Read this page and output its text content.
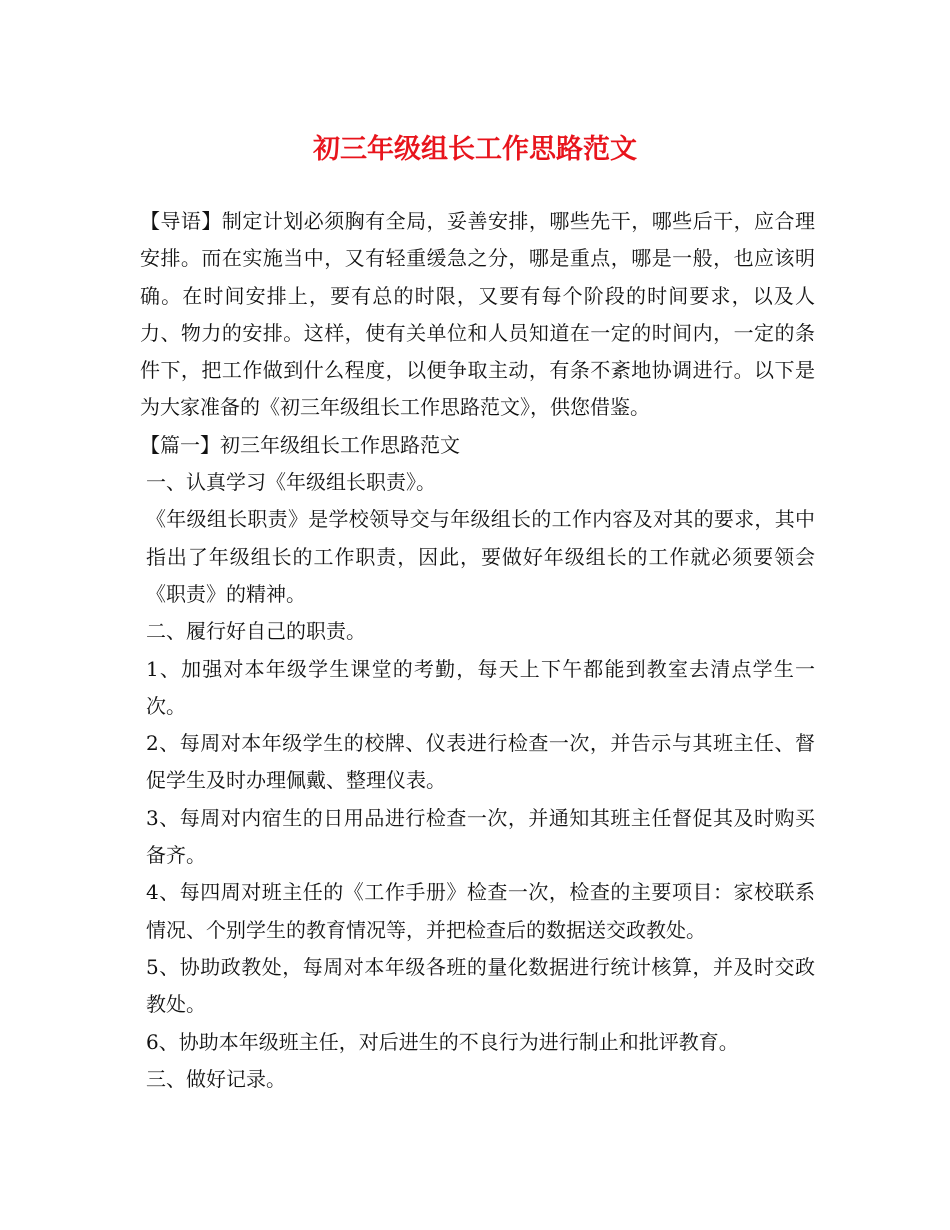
初三年级组长工作思路范文

【导语】制定计划必须胸有全局，妥善安排，哪些先干，哪些后干，应合理安排。而在实施当中，又有轻重缓急之分，哪是重点，哪是一般，也应该明确。在时间安排上，要有总的时限，又要有每个阶段的时间要求，以及人力、物力的安排。这样，使有关单位和人员知道在一定的时间内，一定的条件下，把工作做到什么程度，以便争取主动，有条不紊地协调进行。以下是为大家准备的《初三年级组长工作思路范文》，供您借鉴。

【篇一】初三年级组长工作思路范文

一、认真学习《年级组长职责》。

《年级组长职责》是学校领导交与年级组长的工作内容及对其的要求，其中指出了年级组长的工作职责，因此，要做好年级组长的工作就必须要领会《职责》的精神。

二、履行好自己的职责。

1、加强对本年级学生课堂的考勤，每天上下午都能到教室去清点学生一次。

2、每周对本年级学生的校牌、仪表进行检查一次，并告示与其班主任、督促学生及时办理佩戴、整理仪表。

3、每周对内宿生的日用品进行检查一次，并通知其班主任督促其及时购买备齐。

4、每四周对班主任的《工作手册》检查一次，检查的主要项目：家校联系情况、个别学生的教育情况等，并把检查后的数据送交政教处。

5、协助政教处，每周对本年级各班的量化数据进行统计核算，并及时交政教处。

6、协助本年级班主任，对后进生的不良行为进行制止和批评教育。

三、做好记录。
